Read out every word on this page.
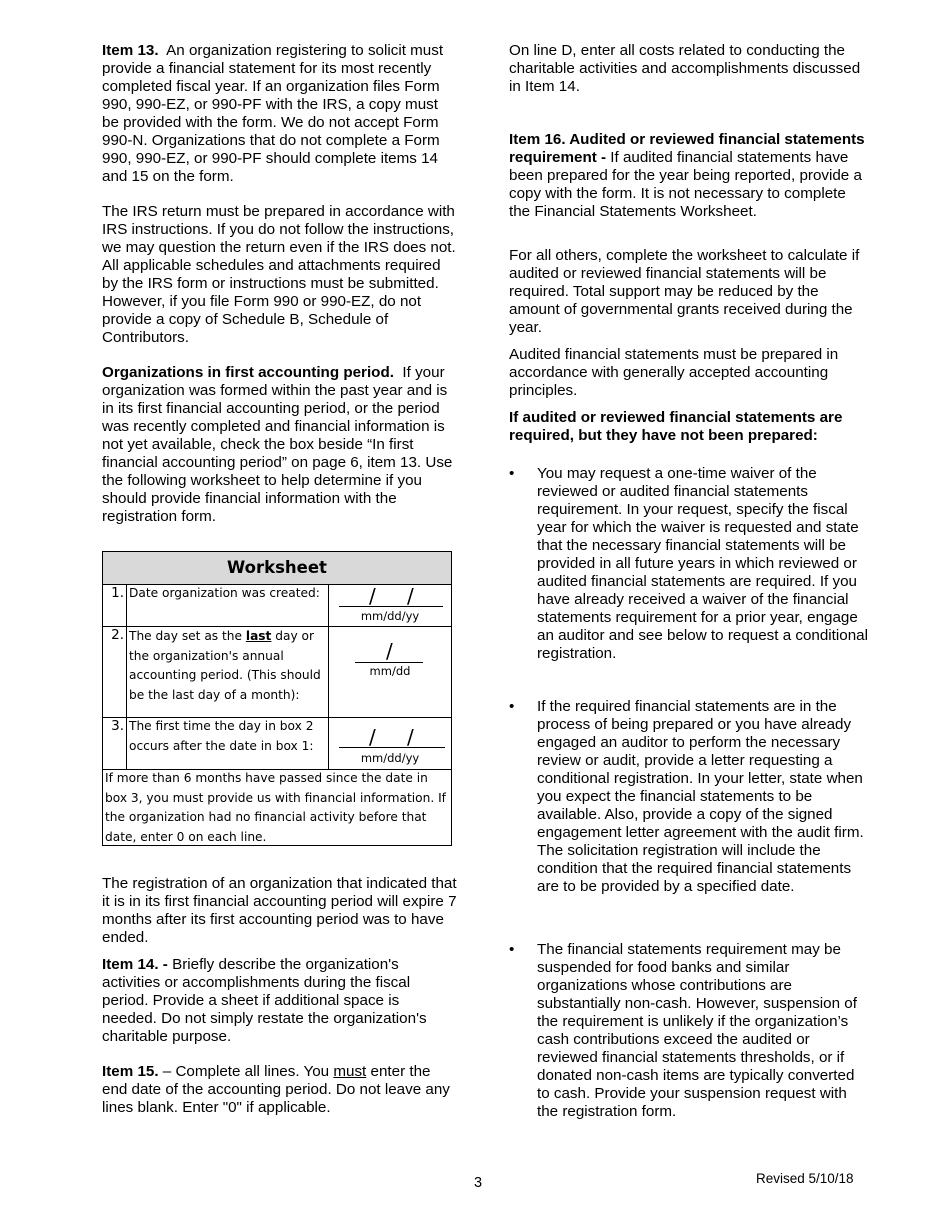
Item 13. An organization registering to solicit must provide a financial statement for its most recently completed fiscal year. If an organization files Form 990, 990-EZ, or 990-PF with the IRS, a copy must be provided with the form. We do not accept Form 990-N. Organizations that do not complete a Form 990, 990-EZ, or 990-PF should complete items 14 and 15 on the form.

The IRS return must be prepared in accordance with IRS instructions. If you do not follow the instructions, we may question the return even if the IRS does not. All applicable schedules and attachments required by the IRS form or instructions must be submitted. However, if you file Form 990 or 990-EZ, do not provide a copy of Schedule B, Schedule of Contributors.

Organizations in first accounting period. If your organization was formed within the past year and is in its first financial accounting period, or the period was recently completed and financial information is not yet available, check the box beside “In first financial accounting period” on page 6, item 13. Use the following worksheet to help determine if you should provide financial information with the registration form.

The registration of an organization that indicated that it is in its first financial accounting period will expire 7 months after its first accounting period was to have ended.

Item 14. - Briefly describe the organization's activities or accomplishments during the fiscal period. Provide a sheet if additional space is needed. Do not simply restate the organization's charitable purpose.

Item 15. – Complete all lines. You must enter the end date of the accounting period. Do not leave any lines blank. Enter "0" if applicable.

Worksheet
1. Date organization was created:	/ /
mm/dd/yy
2. The day set as the last day or the organization's annual accounting period. (This should be the last day of a month):
/
mm/dd
3. The first time the day in box 2 occurs after the date in box 1:	/ /
mm/dd/yy
If more than 6 months have passed since the date in box 3, you must provide us with financial information. If the organization had no financial activity before that date, enter 0 on each line.

On line D, enter all costs related to conducting the charitable activities and accomplishments discussed in Item 14.

Item 16. Audited or reviewed financial statements requirement - If audited financial statements have been prepared for the year being reported, provide a copy with the form. It is not necessary to complete the Financial Statements Worksheet.

For all others, complete the worksheet to calculate if audited or reviewed financial statements will be required. Total support may be reduced by the amount of governmental grants received during the year.

Audited financial statements must be prepared in accordance with generally accepted accounting principles.

If audited or reviewed financial statements are required, but they have not been prepared:

• You may request a one-time waiver of the reviewed or audited financial statements requirement. In your request, specify the fiscal year for which the waiver is requested and state that the necessary financial statements will be provided in all future years in which reviewed or audited financial statements are required. If you have already received a waiver of the financial statements requirement for a prior year, engage an auditor and see below to request a conditional registration.
• If the required financial statements are in the process of being prepared or you have already engaged an auditor to perform the necessary review or audit, provide a letter requesting a conditional registration. In your letter, state when you expect the financial statements to be available. Also, provide a copy of the signed engagement letter agreement with the audit firm. The solicitation registration will include the condition that the required financial statements are to be provided by a specified date.
• The financial statements requirement may be suspended for food banks and similar organizations whose contributions are substantially non-cash. However, suspension of the requirement is unlikely if the organization’s cash contributions exceed the audited or reviewed financial statements thresholds, or if donated non-cash items are typically converted to cash. Provide your suspension request with the registration form.
3	Revised 5/10/18
